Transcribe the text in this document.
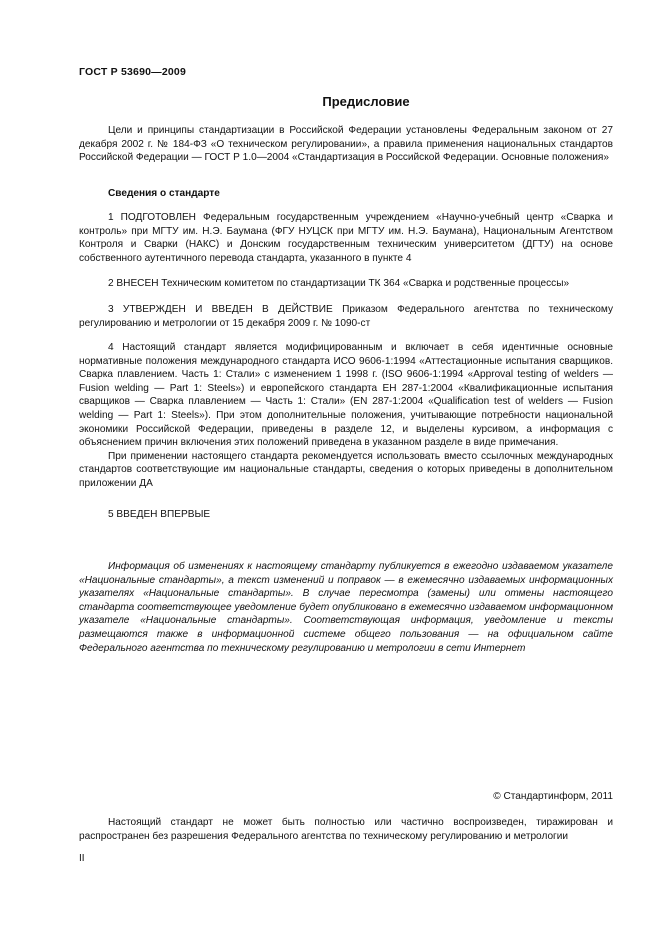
ГОСТ Р 53690—2009
Предисловие

Цели и принципы стандартизации в Российской Федерации установлены Федеральным законом от 27 декабря 2002 г. № 184-ФЗ «О техническом регулировании», а правила применения национальных стандартов Российской Федерации — ГОСТ Р 1.0—2004 «Стандартизация в Российской Федерации. Основные положения»

Сведения о стандарте

1 ПОДГОТОВЛЕН Федеральным государственным учреждением «Научно-учебный центр «Сварка и контроль» при МГТУ им. Н.Э. Баумана (ФГУ НУЦСК при МГТУ им. Н.Э. Баумана), Национальным Агентством Контроля и Сварки (НАКС) и Донским государственным техническим университетом (ДГТУ) на основе собственного аутентичного перевода стандарта, указанного в пункте 4

2 ВНЕСЕН Техническим комитетом по стандартизации ТК 364 «Сварка и родственные процессы»

3 УТВЕРЖДЕН И ВВЕДЕН В ДЕЙСТВИЕ Приказом Федерального агентства по техническому регулированию и метрологии от 15 декабря 2009 г. № 1090-ст

4 Настоящий стандарт является модифицированным и включает в себя идентичные основные нормативные положения международного стандарта ИСО 9606-1:1994 «Аттестационные испытания сварщиков. Сварка плавлением. Часть 1: Стали» с изменением 1 1998 г. (ISO 9606-1:1994 «Approval testing of welders — Fusion welding — Part 1: Steels») и европейского стандарта ЕН 287-1:2004 «Квалификационные испытания сварщиков — Сварка плавлением — Часть 1: Стали» (EN 287-1:2004 «Qualification test of welders — Fusion welding — Part 1: Steels»). При этом дополнительные положения, учитывающие потребности национальной экономики Российской Федерации, приведены в разделе 12, и выделены курсивом, а информация с объяснением причин включения этих положений приведена в указанном разделе в виде примечания.

При применении настоящего стандарта рекомендуется использовать вместо ссылочных международных стандартов соответствующие им национальные стандарты, сведения о которых приведены в дополнительном приложении ДА

5 ВВЕДЕН ВПЕРВЫЕ

Информация об изменениях к настоящему стандарту публикуется в ежегодно издаваемом указателе «Национальные стандарты», а текст изменений и поправок — в ежемесячно издаваемых информационных указателях «Национальные стандарты». В случае пересмотра (замены) или отмены настоящего стандарта соответствующее уведомление будет опубликовано в ежемесячно издаваемом информационном указателе «Национальные стандарты». Соответствующая информация, уведомление и тексты размещаются также в информационной системе общего пользования — на официальном сайте Федерального агентства по техническому регулированию и метрологии в сети Интернет

© Стандартинформ, 2011

Настоящий стандарт не может быть полностью или частично воспроизведен, тиражирован и распространен без разрешения Федерального агентства по техническому регулированию и метрологии

II
